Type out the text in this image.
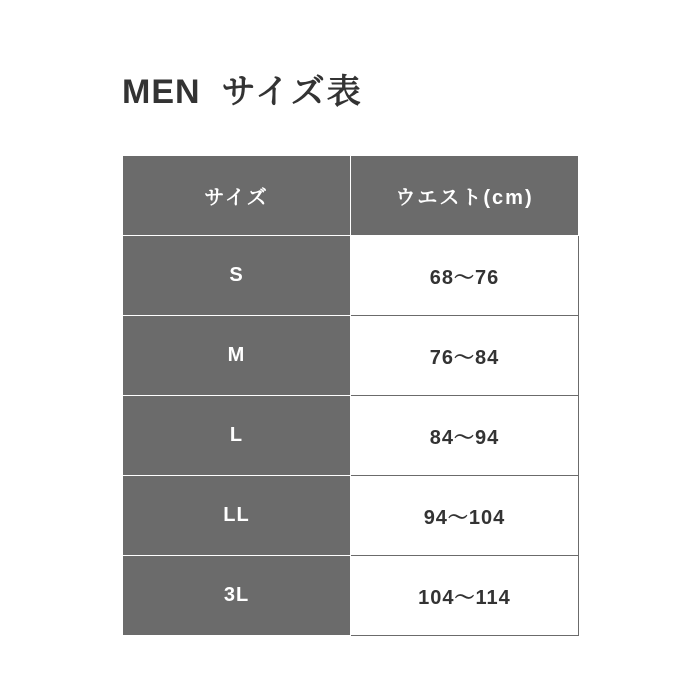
MEN サイズ表
サイズ	ウエスト(cm)
S	68〜76
M	76〜84
L	84〜94
LL	94〜104
3L	104〜114
